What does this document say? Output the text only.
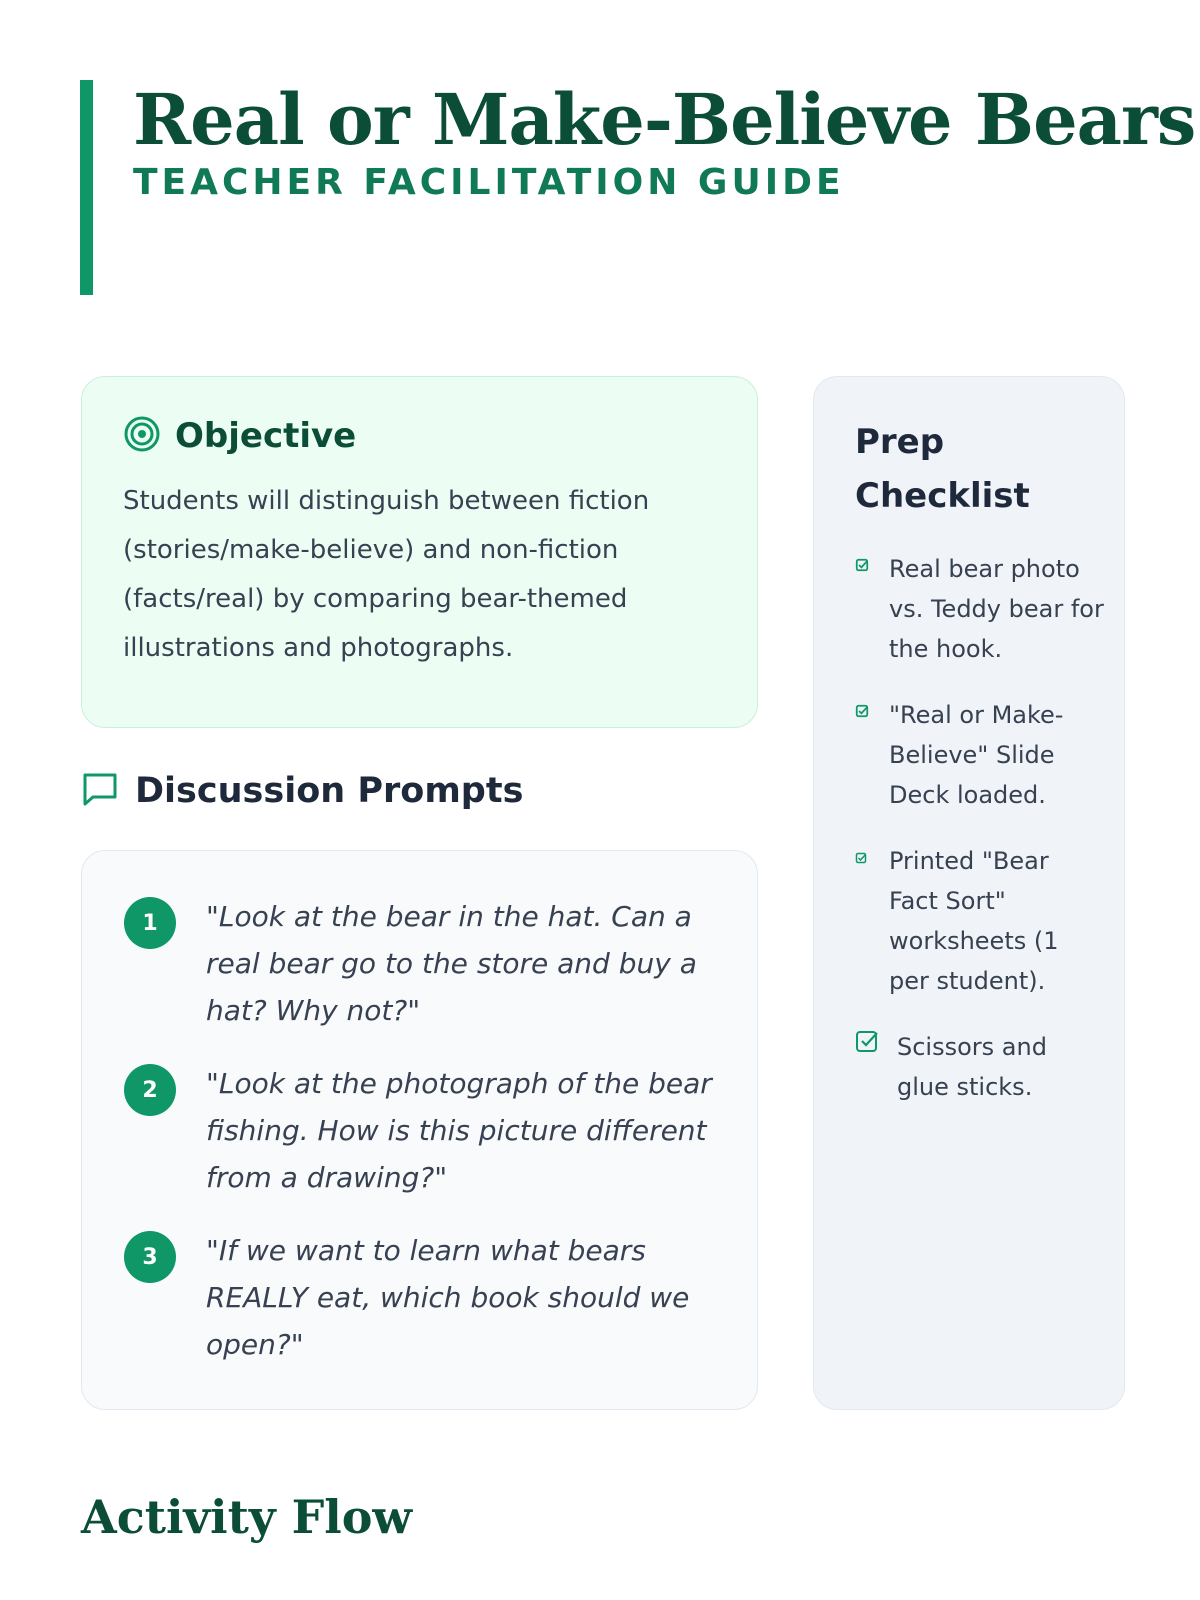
Real or Make-Believe Bears
TEACHER FACILITATION GUIDE
Objective
Students will distinguish between fiction (stories/make-believe) and non-fiction (facts/real) by comparing bear-themed illustrations and photographs.
Discussion Prompts
1	"Look at the bear in the hat. Can a real bear go to the store and buy a hat? Why not?"
2	"Look at the photograph of the bear fishing. How is this picture different from a drawing?"
3	"If we want to learn what bears REALLY eat, which book should we open?"
Prep Checklist
Real bear photo vs. Teddy bear for the hook.
"Real or Make-Believe" Slide Deck loaded.
Printed "Bear Fact Sort" worksheets (1 per student).
Scissors and glue sticks.
Activity Flow
